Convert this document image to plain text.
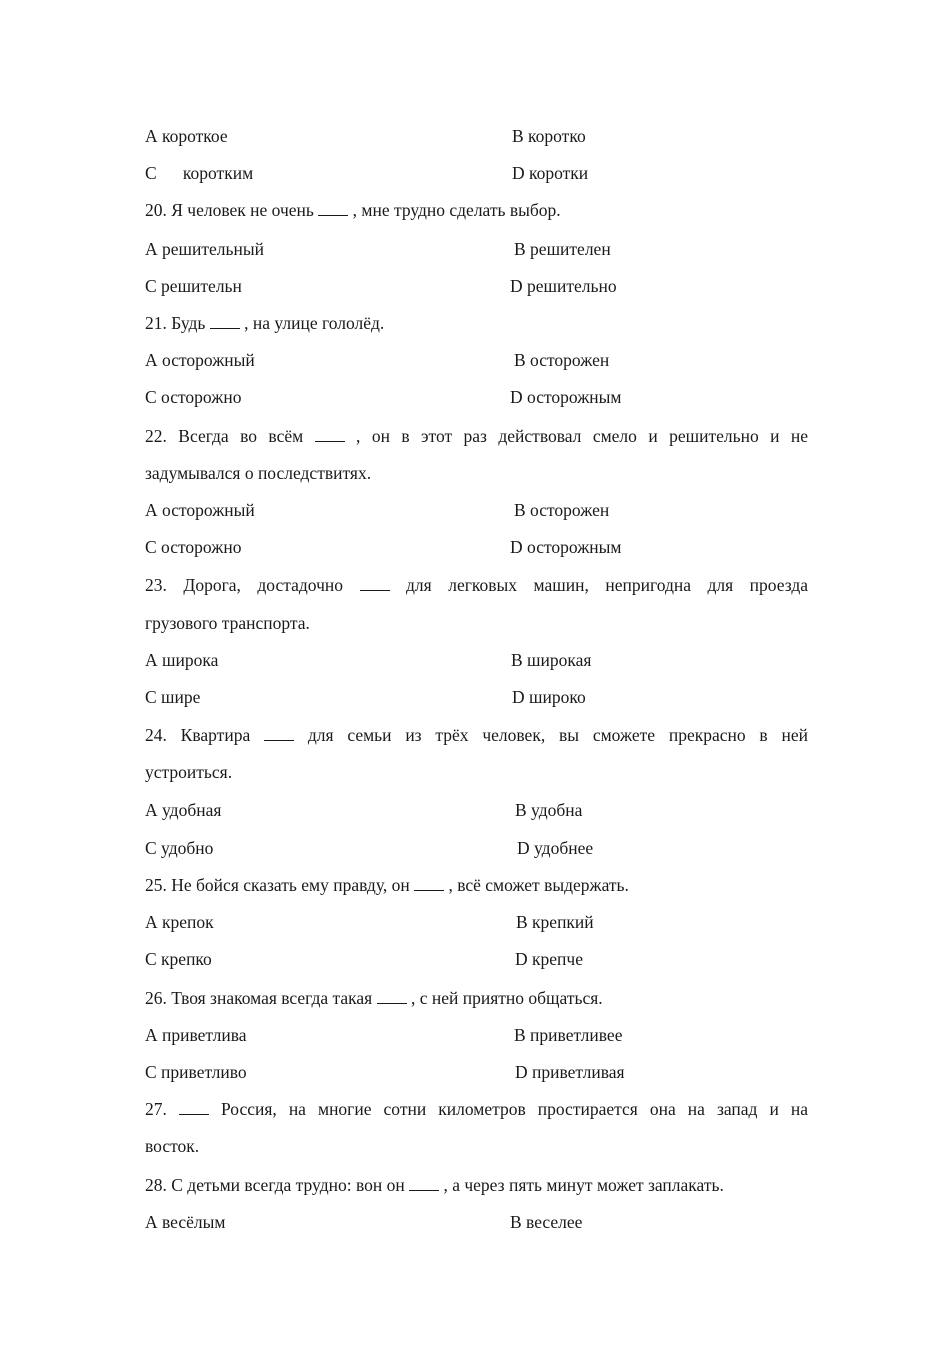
А короткое	В коротко
С      коротким	D коротки
20. Я человек не очень , мне трудно сделать выбор.
А решительный	В решителен
С решительн	D решительно
21. Будь , на улице гололёд.
А осторожный	В осторожен
С осторожно	D осторожным
22. Всегда во всём	, он в этот раз действовал смело и решительно и не
задумывался о последствитях.
А осторожный	В осторожен
С осторожно	D осторожным
23. Дорога, достадочно	для легковых машин, непригодна для проезда
грузового транспорта.
А широка	В широкая
С шире	D широко
24. Квартира	для семьи из трёх человек, вы сможете прекрасно в ней
устроиться.
А удобная	В удобна
С удобно	D удобнее
25. Не бойся сказать ему правду, он , всё сможет выдержать.
А крепок	В крепкий
С крепко	D крепче
26. Твоя знакомая всегда такая , с ней приятно общаться.
А приветлива	В приветливее
С приветливо	D приветливая
27.	Россия, на многие сотни километров простирается она на запад и на
восток.
28. С детьми всегда трудно: вон он , а через пять минут может заплакать.
А весёлым	В веселее
